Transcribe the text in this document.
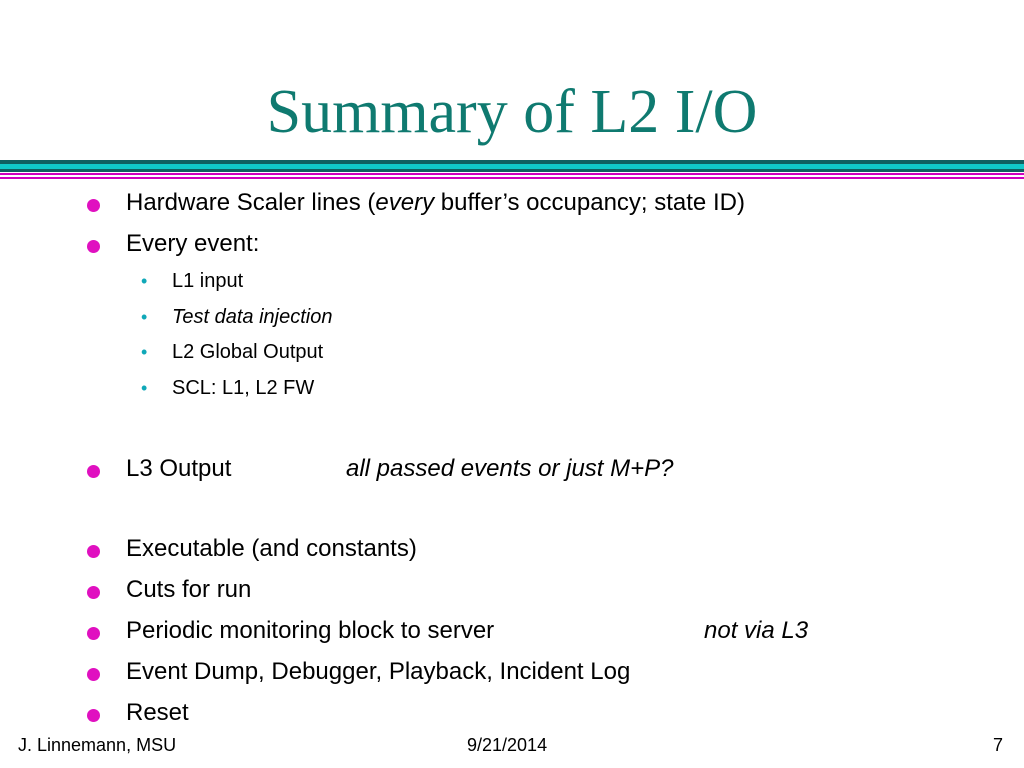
Summary of L2 I/O
Hardware Scaler lines (every buffer’s occupancy; state ID)
Every event:
• L1 input
• Test data injection
• L2 Global Output
• SCL: L1, L2 FW
L3 Output	all passed events or just M+P?
Executable (and constants)
Cuts for run
Periodic monitoring block to server	not via L3
Event Dump, Debugger, Playback, Incident Log
Reset
J. Linnemann, MSU	9/21/2014	7
